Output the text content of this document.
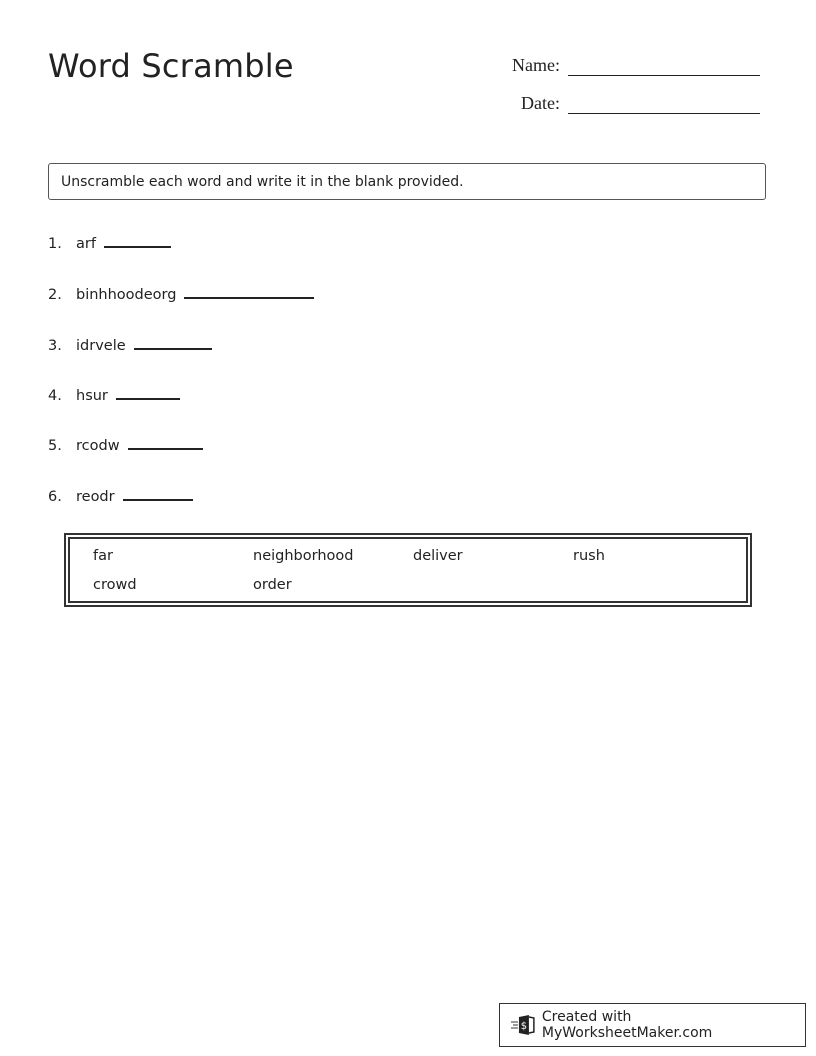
Word Scramble	Name:
Date:
Unscramble each word and write it in the blank provided.
1. arf
2. binhhoodeorg
3. idrvele
4. hsur
5. rcodw
6. reodr
far	neighborhood	deliver	rush
crowd	order
$
Created with MyWorksheetMaker.com
